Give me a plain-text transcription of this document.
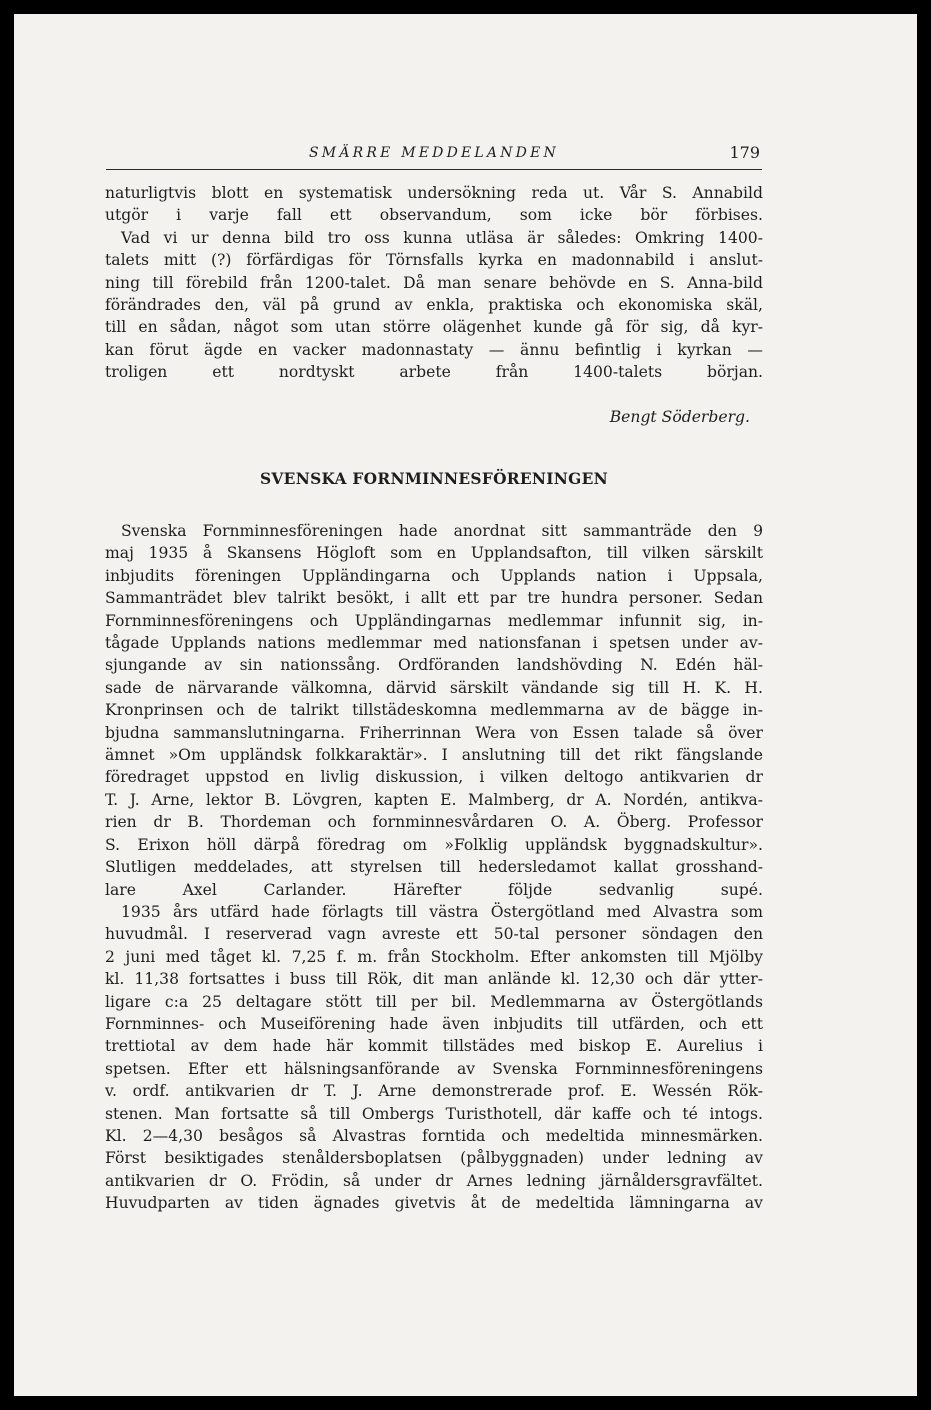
SMÄRRE MEDDELANDEN	179

naturligtvis blott en systematisk undersökning reda ut. Vår S. Annabild

utgör i varje fall ett observandum, som icke bör förbises.

Vad vi ur denna bild tro oss kunna utläsa är således: Omkring 1400-

talets mitt (?) förfärdigas för Törnsfalls kyrka en madonnabild i anslut-

ning till förebild från 1200-talet. Då man senare behövde en S. Anna-bild

förändrades den, väl på grund av enkla, praktiska och ekonomiska skäl,

till en sådan, något som utan större olägenhet kunde gå för sig, då kyr-

kan förut ägde en vacker madonnastaty — ännu befintlig i kyrkan —

troligen ett nordtyskt arbete från 1400-talets början.

Bengt Söderberg.
SVENSKA FORNMINNESFÖRENINGEN

Svenska Fornminnesföreningen hade anordnat sitt sammanträde den 9

maj 1935 å Skansens Högloft som en Upplandsafton, till vilken särskilt

inbjudits föreningen Uppländingarna och Upplands nation i Uppsala,

Sammanträdet blev talrikt besökt, i allt ett par tre hundra personer. Sedan

Fornminnesföreningens och Uppländingarnas medlemmar infunnit sig, in-

tågade Upplands nations medlemmar med nationsfanan i spetsen under av-

sjungande av sin nationssång. Ordföranden landshövding N. Edén häl-

sade de närvarande välkomna, därvid särskilt vändande sig till H. K. H.

Kronprinsen och de talrikt tillstädeskomna medlemmarna av de bägge in-

bjudna sammanslutningarna. Friherrinnan Wera von Essen talade så över

ämnet »Om uppländsk folkkaraktär». I anslutning till det rikt fängslande

föredraget uppstod en livlig diskussion, i vilken deltogo antikvarien dr

T. J. Arne, lektor B. Lövgren, kapten E. Malmberg, dr A. Nordén, antikva-

rien dr B. Thordeman och fornminnesvårdaren O. A. Öberg. Professor

S. Erixon höll därpå föredrag om »Folklig uppländsk byggnadskultur».

Slutligen meddelades, att styrelsen till hedersledamot kallat grosshand-

lare Axel Carlander. Härefter följde sedvanlig supé.

1935 års utfärd hade förlagts till västra Östergötland med Alvastra som

huvudmål. I reserverad vagn avreste ett 50-tal personer söndagen den

2 juni med tåget kl. 7,25 f. m. från Stockholm. Efter ankomsten till Mjölby

kl. 11,38 fortsattes i buss till Rök, dit man anlände kl. 12,30 och där ytter-

ligare c:a 25 deltagare stött till per bil. Medlemmarna av Östergötlands

Fornminnes- och Museiförening hade även inbjudits till utfärden, och ett

trettiotal av dem hade här kommit tillstädes med biskop E. Aurelius i

spetsen. Efter ett hälsningsanförande av Svenska Fornminnesföreningens

v. ordf. antikvarien dr T. J. Arne demonstrerade prof. E. Wessén Rök-

stenen. Man fortsatte så till Ombergs Turisthotell, där kaffe och té intogs.

Kl. 2—4,30 besågos så Alvastras forntida och medeltida minnesmärken.

Först besiktigades stenåldersboplatsen (pålbyggnaden) under ledning av

antikvarien dr O. Frödin, så under dr Arnes ledning järnåldersgravfältet.

Huvudparten av tiden ägnades givetvis åt de medeltida lämningarna av
